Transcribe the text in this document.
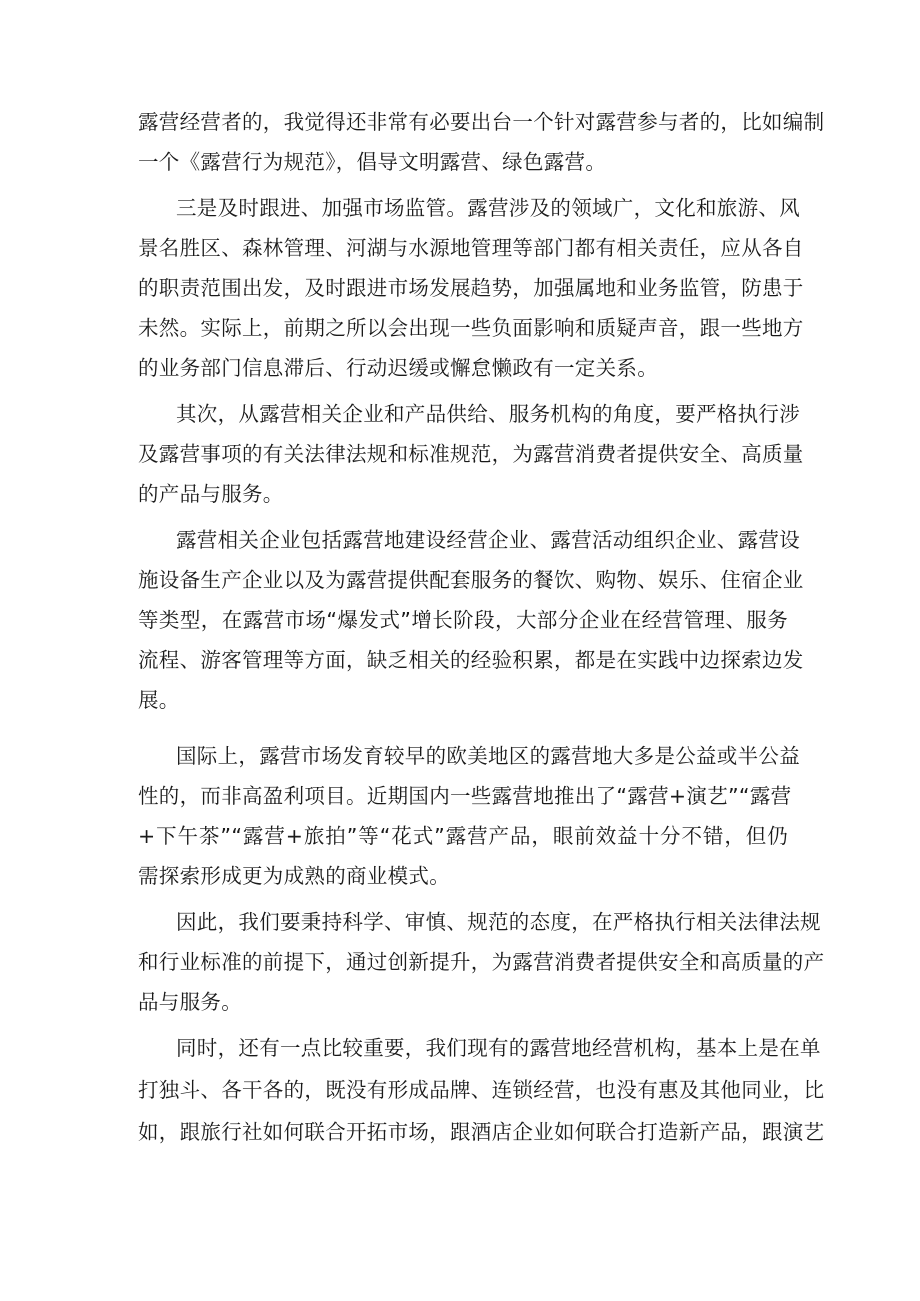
露营经营者的，我觉得还非常有必要出台一个针对露营参与者的，比如编制
一个《露营行为规范》，倡导文明露营、绿色露营。
三是及时跟进、加强市场监管。露营涉及的领域广，文化和旅游、风
景名胜区、森林管理、河湖与水源地管理等部门都有相关责任，应从各自
的职责范围出发，及时跟进市场发展趋势，加强属地和业务监管，防患于
未然。实际上，前期之所以会出现一些负面影响和质疑声音，跟一些地方
的业务部门信息滞后、行动迟缓或懈怠懒政有一定关系。
其次，从露营相关企业和产品供给、服务机构的角度，要严格执行涉
及露营事项的有关法律法规和标准规范，为露营消费者提供安全、高质量
的产品与服务。
露营相关企业包括露营地建设经营企业、露营活动组织企业、露营设
施设备生产企业以及为露营提供配套服务的餐饮、购物、娱乐、住宿企业
等类型，在露营市场“爆发式”增长阶段，大部分企业在经营管理、服务
流程、游客管理等方面，缺乏相关的经验积累，都是在实践中边探索边发
展。
国际上，露营市场发育较早的欧美地区的露营地大多是公益或半公益
性的，而非高盈利项目。近期国内一些露营地推出了“露营+演艺”“露营
+下午茶”“露营+旅拍”等“花式”露营产品，眼前效益十分不错，但仍
需探索形成更为成熟的商业模式。
因此，我们要秉持科学、审慎、规范的态度，在严格执行相关法律法规
和行业标准的前提下，通过创新提升，为露营消费者提供安全和高质量的产
品与服务。
同时，还有一点比较重要，我们现有的露营地经营机构，基本上是在单
打独斗、各干各的，既没有形成品牌、连锁经营，也没有惠及其他同业，比
如，跟旅行社如何联合开拓市场，跟酒店企业如何联合打造新产品，跟演艺
